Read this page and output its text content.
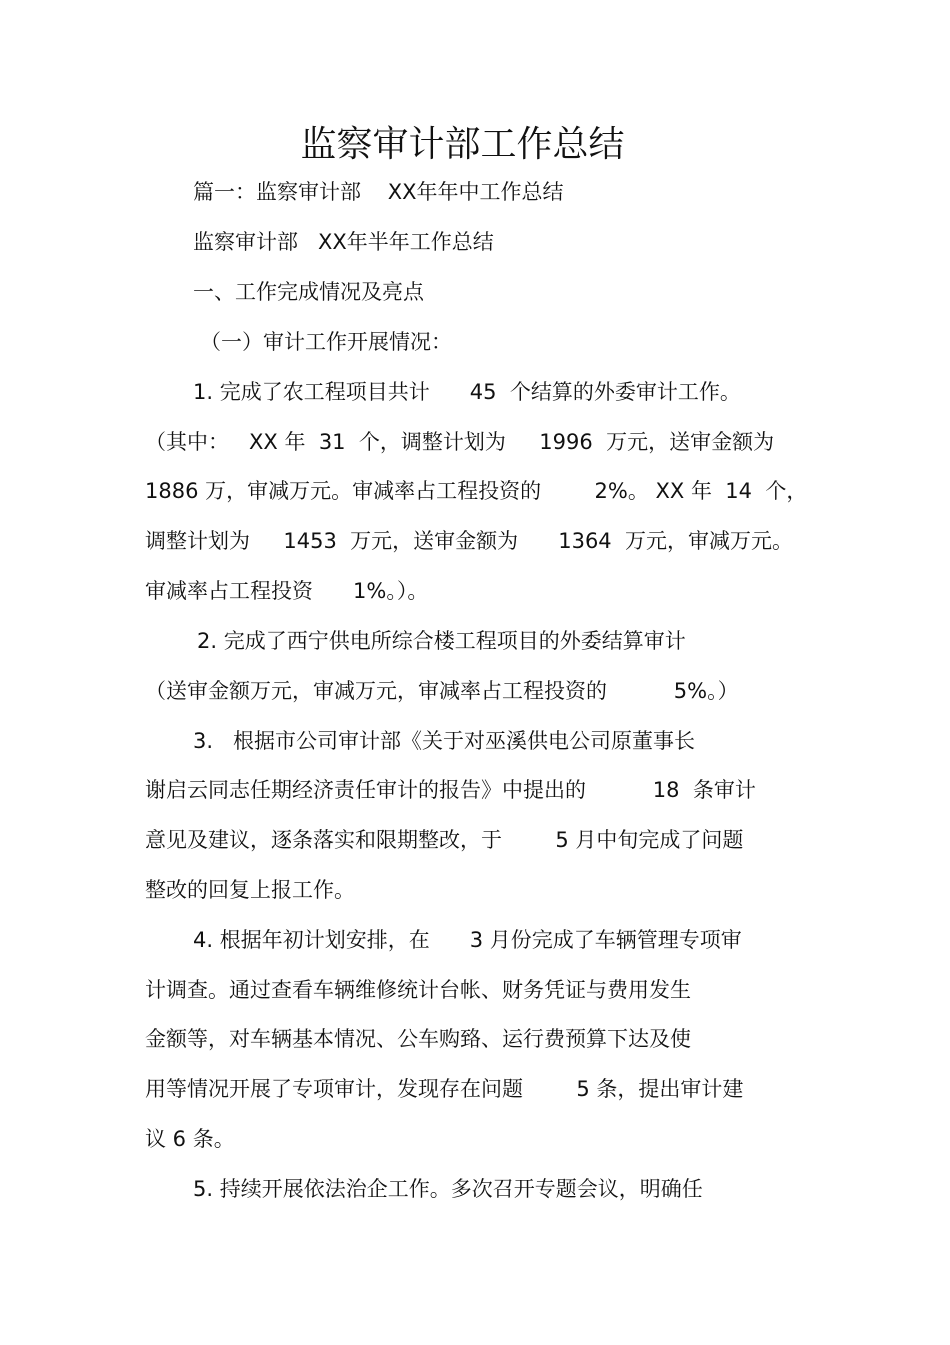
监察审计部工作总结
篇一：监察审计部    XX年年中工作总结
监察审计部   XX年半年工作总结
一、工作完成情况及亮点
（一）审计工作开展情况：
1. 完成了农工程项目共计      45  个结算的外委审计工作。
（其中：   XX 年  31  个，调整计划为     1996  万元，送审金额为
1886 万，审减万元。审减率占工程投资的        2%。 XX 年  14  个，
调整计划为     1453  万元，送审金额为      1364  万元，审减万元。
审减率占工程投资      1%。）。
2. 完成了西宁供电所综合楼工程项目的外委结算审计
（送审金额万元，审减万元，审减率占工程投资的          5%。）
3.   根据市公司审计部《关于对巫溪供电公司原董事长
谢启云同志任期经济责任审计的报告》中提出的          18  条审计
意见及建议，逐条落实和限期整改，于        5 月中旬完成了问题
整改的回复上报工作。
4. 根据年初计划安排，在      3 月份完成了车辆管理专项审
计调查。通过查看车辆维修统计台帐、财务凭证与费用发生
金额等，对车辆基本情况、公车购臵、运行费预算下达及使
用等情况开展了专项审计，发现存在问题        5 条，提出审计建
议 6 条。
5. 持续开展依法治企工作。多次召开专题会议，明确任
